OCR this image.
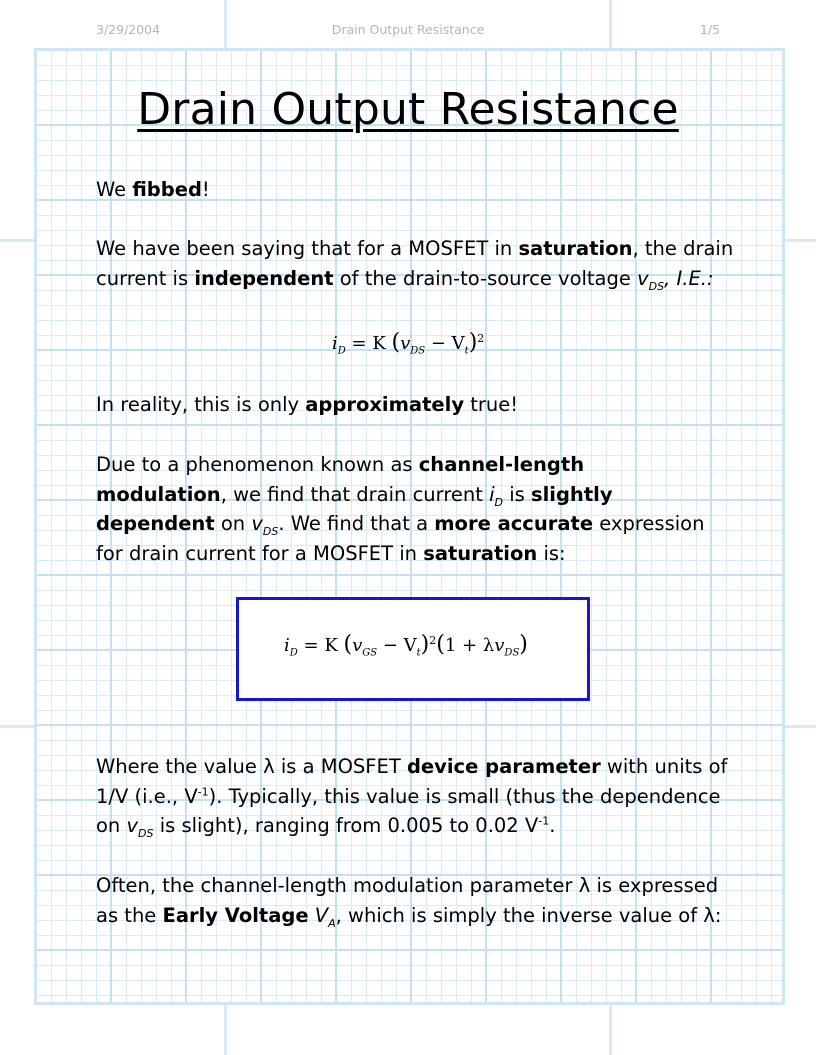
3/29/2004	Drain Output Resistance	1/5
Drain Output Resistance

We fibbed!

We have been saying that for a MOSFET in saturation, the drain current is independent of the drain-to-source voltage $v_{DS}$, I.E.:

$i_D = K$ $(v_{DS} - V_t)^2$

In reality, this is only approximately true!

Due to a phenomenon known as channel-length modulation, we find that drain current $i_D$ is slightly dependent on $v_{DS}$. We find that a more accurate expression for drain current for a MOSFET in saturation is:

$i_D = K$ $(v_{GS} - V_t)^2(1 + \lambda v_{DS})$

Where the value λ is a MOSFET device parameter with units of 1/V (i.e., $V^{-1}$). Typically, this value is small (thus the dependence on $v_{DS}$ is slight), ranging from 0.005 to 0.02 $V^{-1}$.

Often, the channel-length modulation parameter λ is expressed as the Early Voltage $V_A$, which is simply the inverse value of λ:
